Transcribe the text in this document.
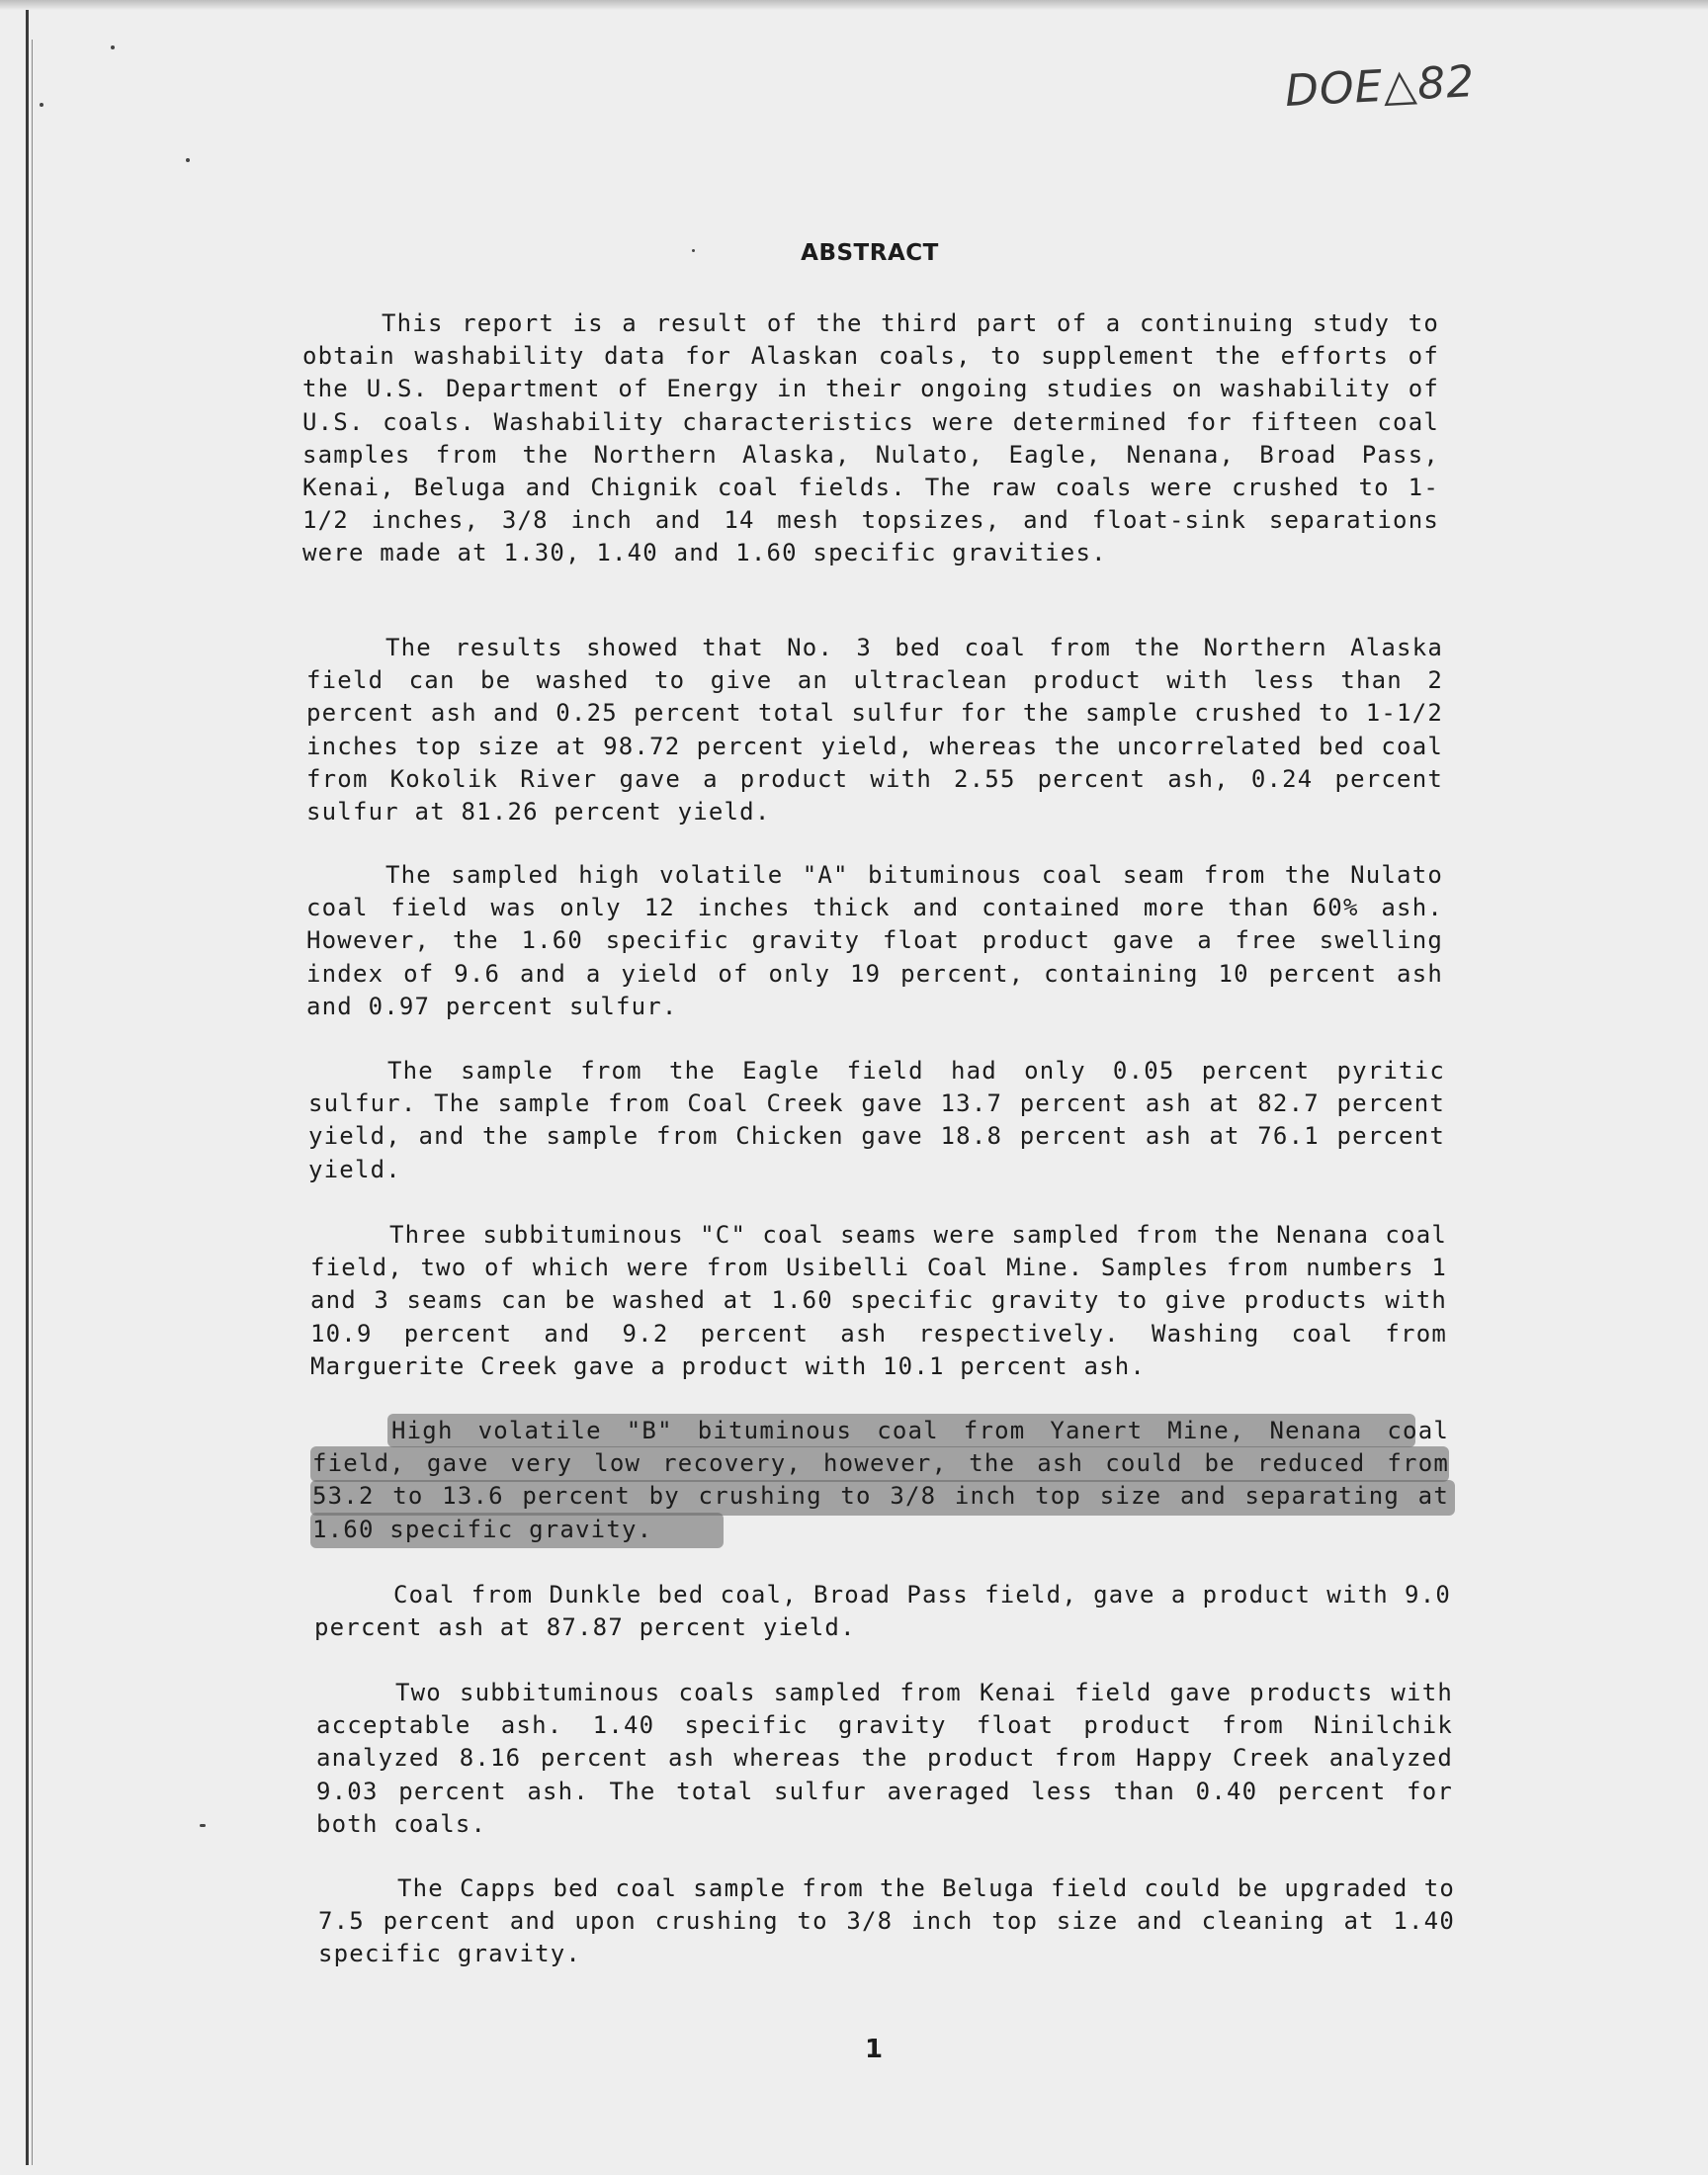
DOE△82
ABSTRACT

This report is a result of the third part of a continuing study to obtain washability data for Alaskan coals, to supplement the efforts of the U.S. Department of Energy in their ongoing studies on washability of U.S. coals. Washability characteristics were determined for fifteen coal samples from the Northern Alaska, Nulato, Eagle, Nenana, Broad Pass, Kenai, Beluga and Chignik coal fields. The raw coals were crushed to 1-1/2 inches, 3/8 inch and 14 mesh topsizes, and float-sink separations were made at 1.30, 1.40 and 1.60 specific gravities.

The results showed that No. 3 bed coal from the Northern Alaska field can be washed to give an ultraclean product with less than 2 percent ash and 0.25 percent total sulfur for the sample crushed to 1-1/2 inches top size at 98.72 percent yield, whereas the uncorrelated bed coal from Kokolik River gave a product with 2.55 percent ash, 0.24 percent sulfur at 81.26 percent yield.

The sampled high volatile "A" bituminous coal seam from the Nulato coal field was only 12 inches thick and contained more than 60% ash. However, the 1.60 specific gravity float product gave a free swelling index of 9.6 and a yield of only 19 percent, containing 10 percent ash and 0.97 percent sulfur.

The sample from the Eagle field had only 0.05 percent pyritic sulfur. The sample from Coal Creek gave 13.7 percent ash at 82.7 percent yield, and the sample from Chicken gave 18.8 percent ash at 76.1 percent yield.

Three subbituminous "C" coal seams were sampled from the Nenana coal field, two of which were from Usibelli Coal Mine. Samples from numbers 1 and 3 seams can be washed at 1.60 specific gravity to give products with 10.9 percent and 9.2 percent ash respectively. Washing coal from Marguerite Creek gave a product with 10.1 percent ash.

High volatile "B" bituminous coal from Yanert Mine, Nenana coal field, gave very low recovery, however, the ash could be reduced from 53.2 to 13.6 percent by crushing to 3/8 inch top size and separating at 1.60 specific gravity.

Coal from Dunkle bed coal, Broad Pass field, gave a product with 9.0 percent ash at 87.87 percent yield.

Two subbituminous coals sampled from Kenai field gave products with acceptable ash. 1.40 specific gravity float product from Ninilchik analyzed 8.16 percent ash whereas the product from Happy Creek analyzed 9.03 percent ash. The total sulfur averaged less than 0.40 percent for both coals.

The Capps bed coal sample from the Beluga field could be upgraded to 7.5 percent and upon crushing to 3/8 inch top size and cleaning at 1.40 specific gravity.

1
